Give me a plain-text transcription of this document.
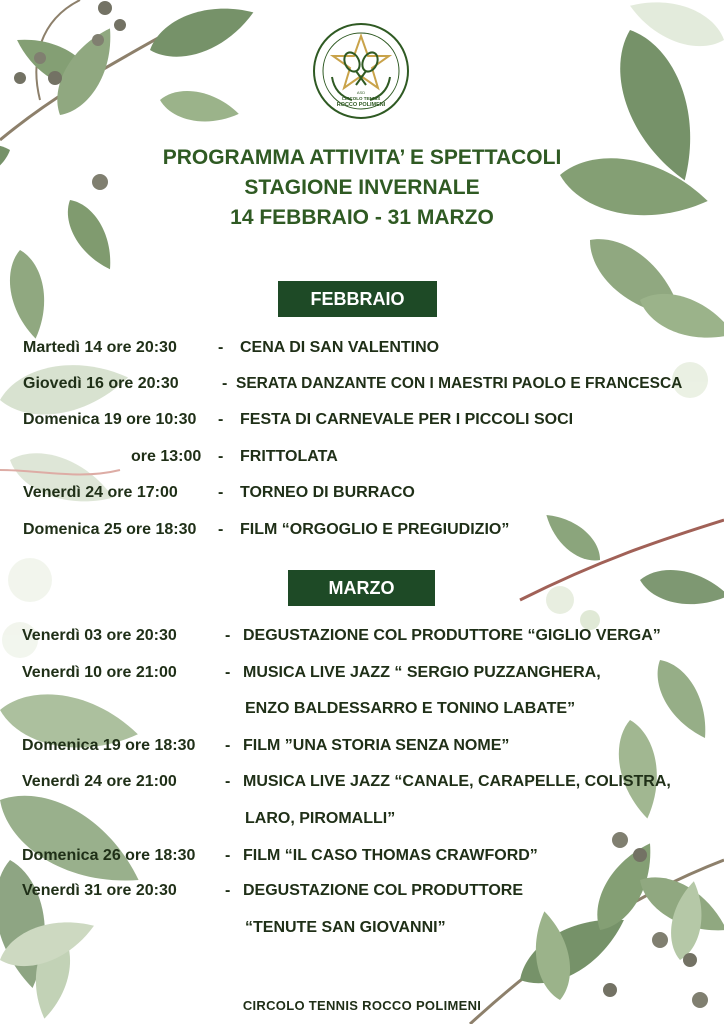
ASD
CIRCOLO TENNIS
ROCCO POLIMENI
PROGRAMMA ATTIVITA’ E SPETTACOLI
STAGIONE INVERNALE
14 FEBBRAIO - 31 MARZO
FEBBRAIO
Martedì 14 ore 20:30	- CENA DI SAN VALENTINO
Giovedì 16 ore 20:30	- SERATA DANZANTE CON I MAESTRI PAOLO E FRANCESCA
Domenica 19 ore 10:30 - FESTA DI CARNEVALE PER I PICCOLI SOCI
ore 13:00 - FRITTOLATA
Venerdì 24 ore 17:00	- TORNEO DI BURRACO
Domenica 25 ore 18:30 - FILM “ORGOGLIO E PREGIUDIZIO”
MARZO
Venerdì 03 ore 20:30	- DEGUSTAZIONE COL PRODUTTORE “GIGLIO VERGA”
Venerdì 10 ore 21:00	- MUSICA LIVE JAZZ “ SERGIO PUZZANGHERA,
ENZO BALDESSARRO E TONINO LABATE”
Domenica 19 ore 18:30 - FILM ”UNA STORIA SENZA NOME”
Venerdì 24 ore 21:00	- MUSICA LIVE JAZZ “CANALE, CARAPELLE, COLISTRA,
LARO, PIROMALLI”
Domenica 26 ore 18:30 - FILM “IL CASO THOMAS CRAWFORD”
Venerdì 31 ore 20:30	- DEGUSTAZIONE COL PRODUTTORE
“TENUTE SAN GIOVANNI”
CIRCOLO TENNIS ROCCO POLIMENI
